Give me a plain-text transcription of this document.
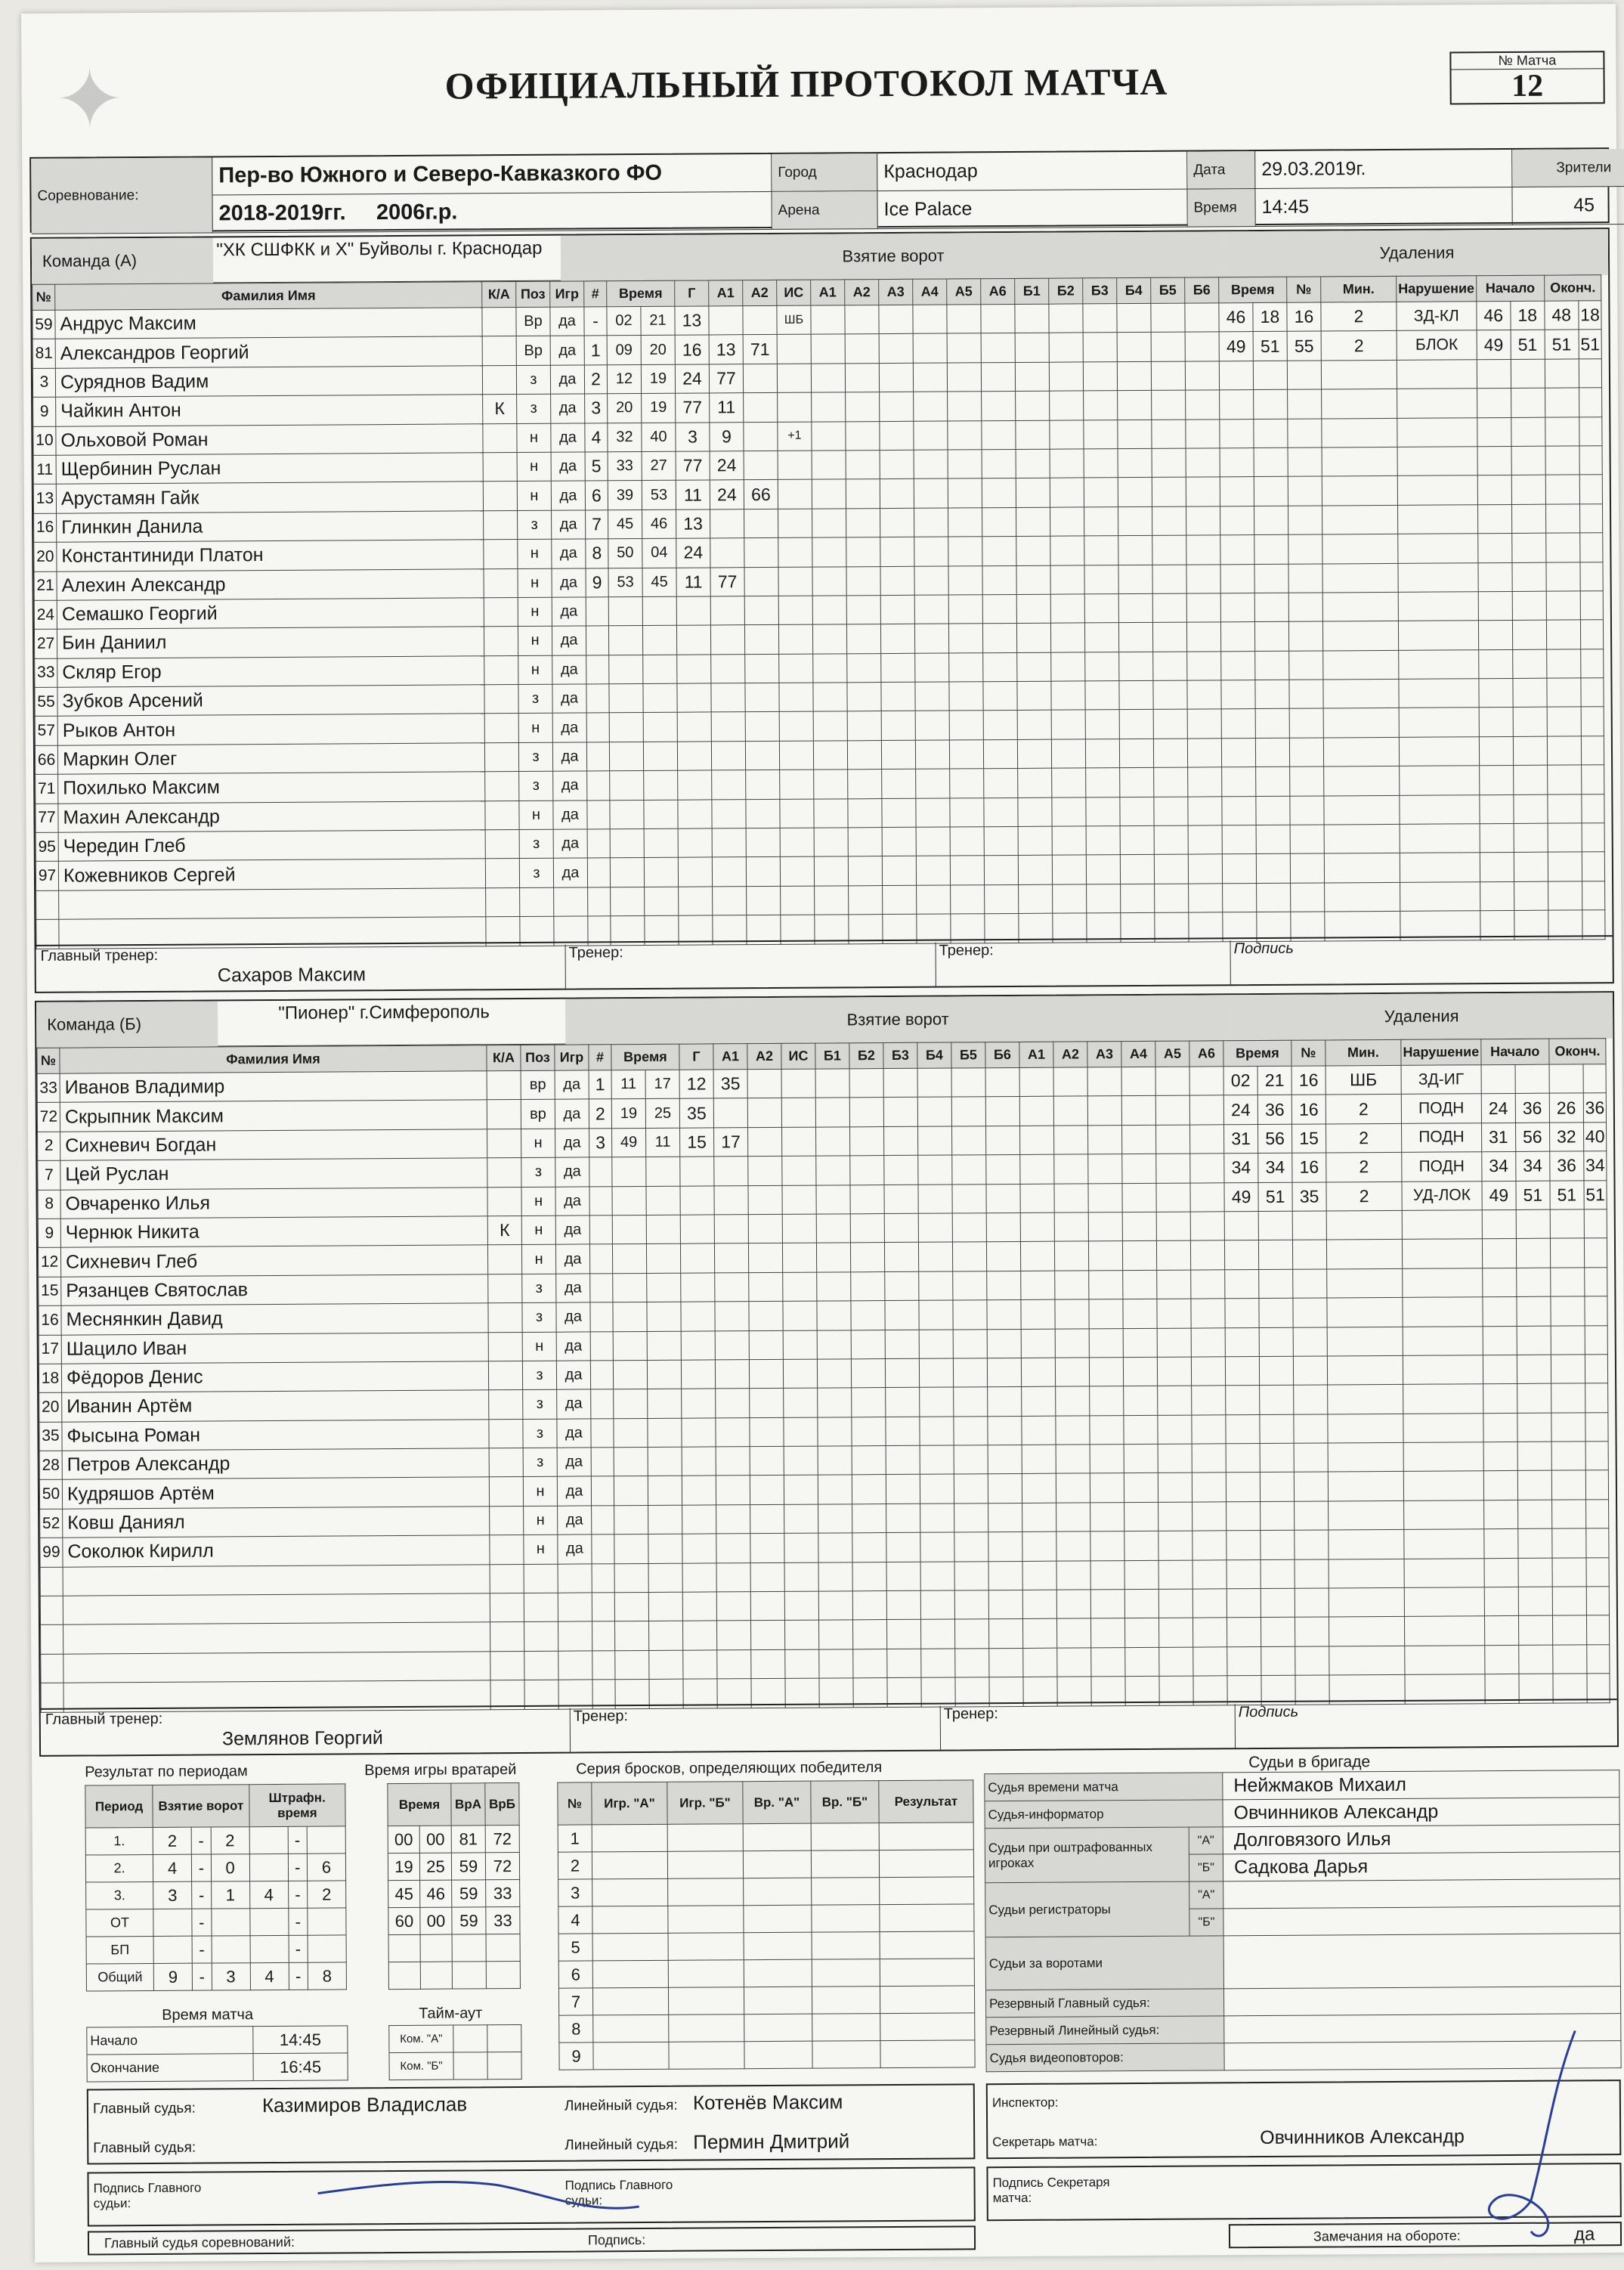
✦	ОФИЦИАЛЬНЫЙ ПРОТОКОЛ МАТЧА	№ Матча
12
Соревнование:
Пер-во Южного и Северо-Кавказкого ФО	Город	Краснодар	Дата	29.03.2019г.	Зрители
2018-2019гг.     2006г.р.	Арена	Ice Palace	Время	14:45	45
Команда (А)
"ХК СШФКК и Х" Буйволы г. Краснодар	Взятие ворот	Удаления
№	Фамилия Имя	К/А	Поз	Игр	#	Время		Г	А1	А2	ИС	А1	А2	А3	А4	А5	А6	Б1	Б2	Б3	Б4	Б5	Б6	Время		№	Мин.	Нарушение	Начало		Оконч.	
59	Андрус Максим		Вр	да	-	02	21	13			ШБ													46	18	16	2	ЗД-КЛ	46	18	48	18
81	Александров Георгий		Вр	да	1	09	20	16	13	71														49	51	55	2	БЛОК	49	51	51	51
3	Суряднов Вадим		з	да	2	12	19	24	77																							
9	Чайкин Антон	К	з	да	3	20	19	77	11																							
10	Ольховой Роман		н	да	4	32	40	3	9		+1																					
11	Щербинин Руслан		н	да	5	33	27	77	24																							
13	Арустамян Гайк		н	да	6	39	53	11	24	66																						
16	Глинкин Данила		з	да	7	45	46	13																								
20	Константиниди Платон		н	да	8	50	04	24																								
21	Алехин Александр		н	да	9	53	45	11	77																							
24	Семашко Георгий		н	да																												
27	Бин Даниил		н	да																												
33	Скляр Егор		н	да																												
55	Зубков Арсений		з	да																												
57	Рыков Антон		н	да																												
66	Маркин Олег		з	да																												
71	Похилько Максим		з	да																												
77	Махин Александр		н	да																												
95	Чередин Глеб		з	да																												
97	Кожевников Сергей		з	да																												

Главный тренер:
Сахаров Максим
Тренер:	Тренер:	Подпись
Команда (Б)
"Пионер" г.Симферополь	Взятие ворот	Удаления
№	Фамилия Имя	К/А	Поз	Игр	#	Время		Г	А1	А2	ИС	Б1	Б2	Б3	Б4	Б5	Б6	А1	А2	А3	А4	А5	А6	Время		№	Мин.	Нарушение	Начало		Оконч.	
33	Иванов Владимир		вр	да	1	11	17	12	35															02	21	16	ШБ	ЗД-ИГ				
72	Скрыпник Максим		вр	да	2	19	25	35																24	36	16	2	ПОДН	24	36	26	36
2	Сихневич Богдан		н	да	3	49	11	15	17															31	56	15	2	ПОДН	31	56	32	40
7	Цей Руслан		з	да																				34	34	16	2	ПОДН	34	34	36	34
8	Овчаренко Илья		н	да																				49	51	35	2	УД-ЛОК	49	51	51	51
9	Чернюк Никита	К	н	да																												
12	Сихневич Глеб		н	да																												
15	Рязанцев Святослав		з	да																												
16	Меснянкин Давид		з	да																												
17	Шацило Иван		н	да																												
18	Фёдоров Денис		з	да																												
20	Иванин Артём		з	да																												
35	Фысына Роман		з	да																												
28	Петров Александр		з	да																												
50	Кудряшов Артём		н	да																												
52	Ковш Даниял		н	да																												
99	Соколюк Кирилл		н	да																												

Главный тренер:
Землянов Георгий
Тренер:	Тренер:	Подпись
Результат по периодам
Период	Взятие ворот			Штрафн. время		
1.	2	-	2		-	
2.	4	-	0		-	6
3.	3	-	1	4	-	2
ОТ		-			-	
БП		-			-	
Общий	9	-	3	4	-	8
Время игры вратарей
Время		ВрА	ВрБ
00	00	81	72
19	25	59	72
45	46	59	33
60	00	59	33

Время матча
Начало	14:45
Окончание	16:45
Тайм-аут
Ком. "А"		
Ком. "Б"		
Серия бросков, определяющих победителя
№	Игр. "А"	Игр. "Б"	Вр. "А"	Вр. "Б"	Результат
1					
2					
3					
4					
5					
6					
7					
8					
9					
Судьи в бригаде
Судья времени матча		Нейжмаков Михаил
Судья-информатор		Овчинников Александр
Судьи при оштрафованных игроках	"А"	Долговязого Илья
	"Б"	Садкова Дарья
Судьи регистраторы	"А"	
	"Б"	
Судьи за воротами		
Резервный Главный судья:		
Резервный Линейный судья:		
Судья видеоповторов:		
Главный судья:	Казимиров Владислав
Главный судья:
Линейный судья: Котенёв Максим
Линейный судья: Пермин Дмитрий
Подпись Главного судьи:
Подпись Главного судьи:
Главный судья соревнований:	Подпись:
Инспектор:
Секретарь матча:	Овчинников Александр
Подпись Секретаря матча:
Замечания на обороте:	да
